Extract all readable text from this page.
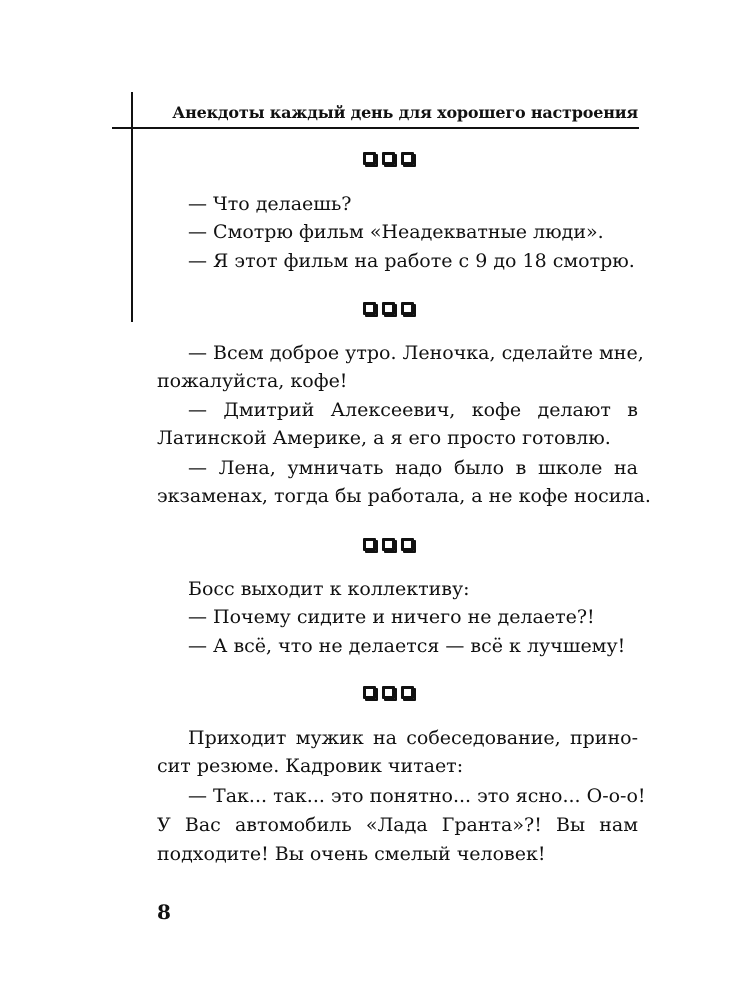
Анекдоты каждый день для хорошего настроения
— Что делаешь?
— Смотрю фильм «Неадекватные люди».
— Я этот фильм на работе с 9 до 18 смотрю.
— Всем доброе утро. Леночка, сделайте мне,
пожалуйста, кофе!
— Дмитрий Алексеевич, кофе делают в
Латинской Америке, а я его просто готовлю.
— Лена, умничать надо было в школе на
экзаменах, тогда бы работала, а не кофе носила.
Босс выходит к коллективу:
— Почему сидите и ничего не делаете?!
— А всё, что не делается — всё к лучшему!
Приходит мужик на собеседование, прино-
сит резюме. Кадровик читает:
— Так... так... это понятно... это ясно... О-о-о!
У Вас автомобиль «Лада Гранта»?! Вы нам
подходите! Вы очень смелый человек!
8
